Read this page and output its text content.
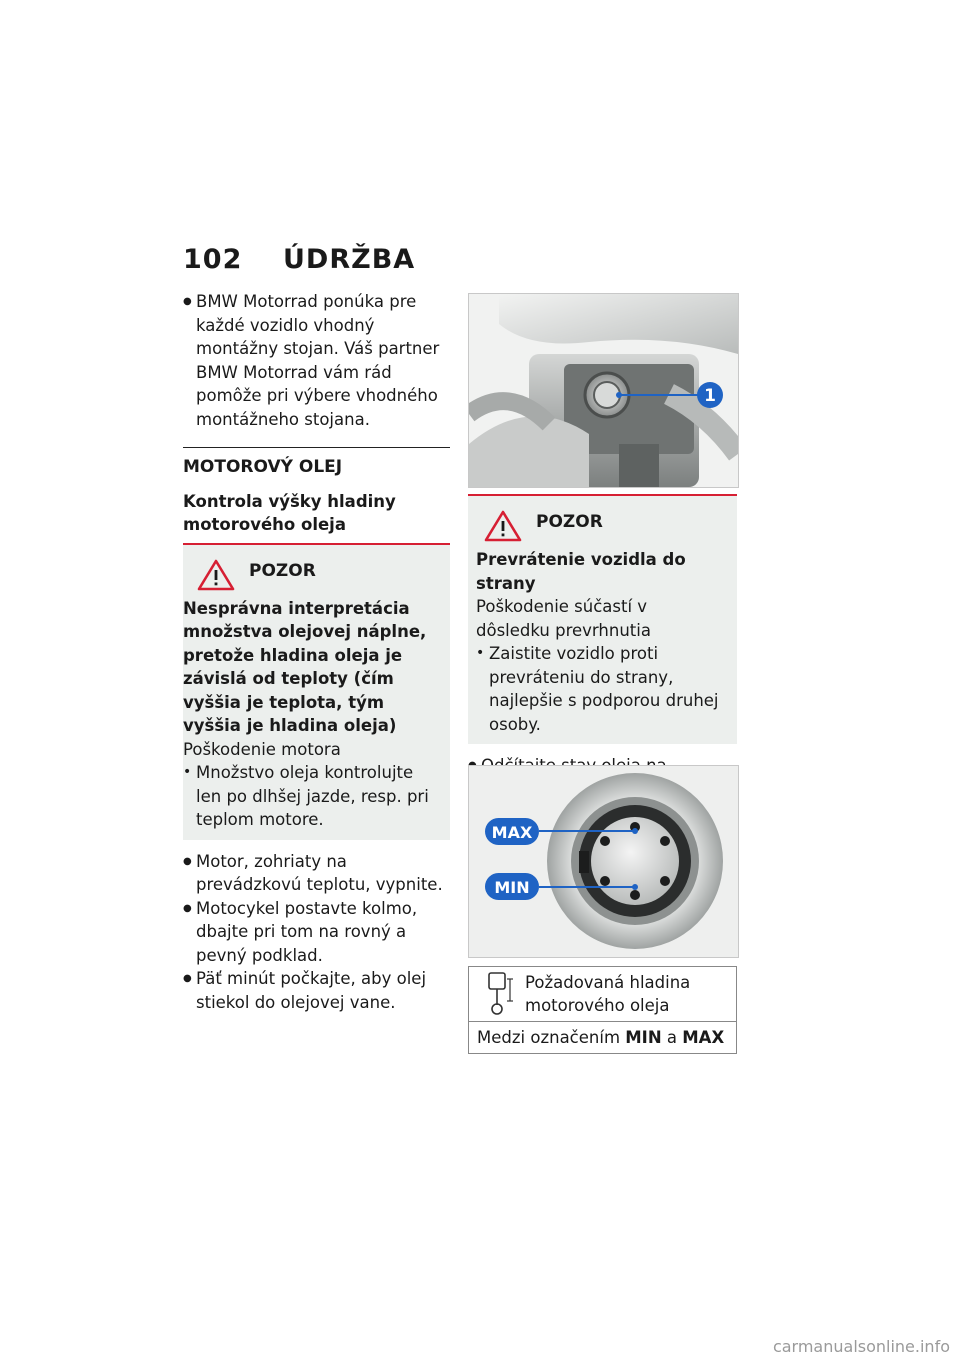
102 ÚDRŽBA
● BMW Motorrad ponúka pre každé vozidlo vhodný montážny stojan. Váš partner BMW Motorrad vám rád pomôže pri výbere vhodného montážneho stojana.
MOTOROVÝ OLEJ
Kontrola výšky hladiny motorového oleja
POZOR
Nesprávna interpretácia množstva olejovej náplne, pretože hladina oleja je závislá od teploty (čím vyššia je teplota, tým vyššia je hladina oleja)
Poškodenie motora
• Množstvo oleja kontrolujte len po dlhšej jazde, resp. pri teplom motore.
● Motor, zohriaty na prevádzkovú teplotu, vypnite.
● Motocykel postavte kolmo, dbajte pri tom na rovný a pevný podklad.
● Päť minút počkajte, aby olej stiekol do olejovej vane.
1
POZOR
Prevrátenie vozidla do strany
Poškodenie súčastí v dôsledku prevrhnutia
• Zaistite vozidlo proti prevráteniu do strany, najlepšie s podporou druhej osoby.
●
MAX
MIN
Požadovaná hladina motorového oleja
Medzi označením MIN a MAX
carmanualsonline.info
